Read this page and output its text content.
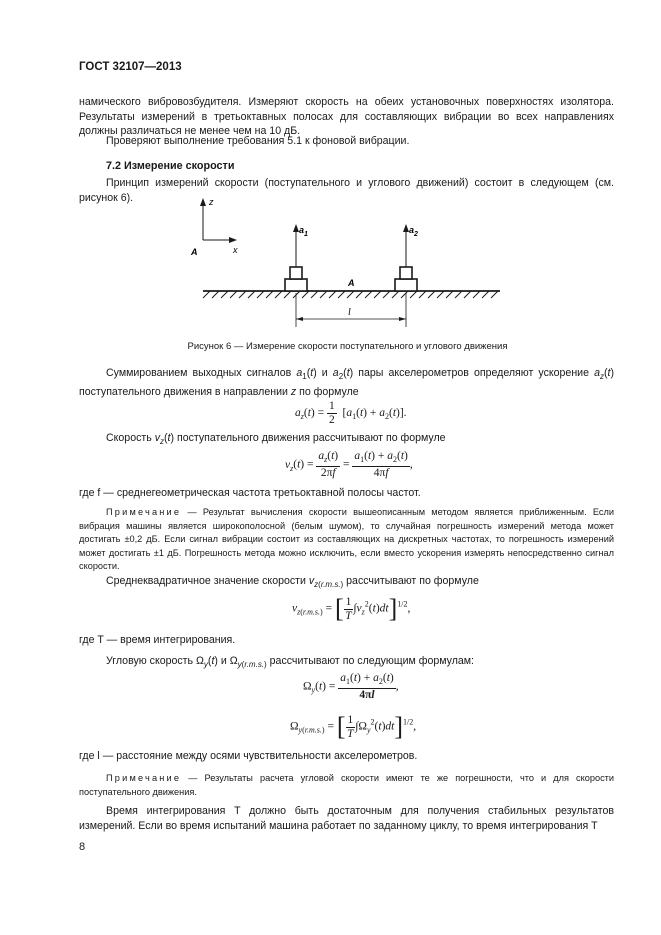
ГОСТ 32107—2013
намического вибровозбудителя. Измеряют скорость на обеих установочных поверхностях изолятора. Результаты измерений в третьоктавных полосах для составляющих вибрации во всех направлениях должны различаться не менее чем на 10 дБ.
Проверяют выполнение требования 5.1 к фоновой вибрации.
7.2 Измерение скорости
Принцип измерений скорости (поступательного и углового движений) состоит в следующем (см. рисунок 6).	z
x
A
A
$a_1$	$a_2$
l
Рисунок 6 — Измерение скорости поступательного и углового движения
Суммированием выходных сигналов $a_1(t)$ и $a_2(t)$ пары акселерометров определяют ускорение $a_z(t)$ поступательного движения в направлении z по формуле
$a_z(t) = \frac{1}{2} [a_1(t) + a_2(t)]$.
Скорость $v_z(t)$ поступательного движения рассчитывают по формуле
$v_z(t) = \frac{a_z(t)}{2\pi f} = \frac{a_1(t) + a_2(t)}{4\pi f}$ ,
где f — среднегеометрическая частота третьоктавной полосы частот.
Примечание — Результат вычисления скорости вышеописанным методом является приближенным. Если вибрация машины является широкополосной (белым шумом), то случайная погрешность измерений метода может достигать ±0,2 дБ. Если сигнал вибрации состоит из составляющих на дискретных частотах, то погрешность измерений может достигать ±1 дБ. Погрешность метода можно исключить, если вместо ускорения измерять непосредственно сигнал скорости.
Среднеквадратичное значение скорости $v_{z(r.m.s.)}$ рассчитывают по формуле
$v_{z(r.m.s.)}$ = [ $\frac{1}{T} \int v_z^2(t)dt]^{1/2}$,
где T — время интегрирования.
Угловую скорость $\Omega_y(t)$ и $\Omega_{y(r.m.s.)}$ рассчитывают по следующим формулам:
$\Omega_y(t) = \frac{a_1(t) + a_2(t)}{4\pi l}$ ,
$\Omega_{y(r.m.s.)}$ = [ $\frac{1}{T} \int\Omega_y^2(t)dt]^{1/2}$,
где l — расстояние между осями чувствительности акселерометров.
Примечание — Результаты расчета угловой скорости имеют те же погрешности, что и для скорости поступательного движения.
Время интегрирования T должно быть достаточным для получения стабильных результатов измерений. Если во время испытаний машина работает по заданному циклу, то время интегрирования T
8
